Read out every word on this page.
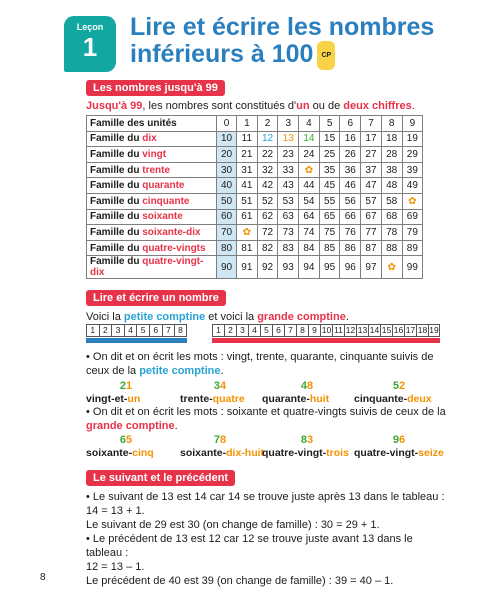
Leçon
1
Lire et écrire les nombres
inférieurs à 100 CP
Les nombres jusqu'à 99
Jusqu'à 99, les nombres sont constitués d'un ou de deux chiffres.
Famille des unités	0	1	2	3	4	5	6	7	8	9
Famille du dix	10	11	12	13	14	15	16	17	18	19
Famille du vingt	20	21	22	23	24	25	26	27	28	29
Famille du trente	30	31	32	33	✿	35	36	37	38	39
Famille du quarante	40	41	42	43	44	45	46	47	48	49
Famille du cinquante	50	51	52	53	54	55	56	57	58	✿
Famille du soixante	60	61	62	63	64	65	66	67	68	69
Famille du soixante-dix	70	✿	72	73	74	75	76	77	78	79
Famille du quatre-vingts	80	81	82	83	84	85	86	87	88	89
Famille du quatre-vingt-dix	90	91	92	93	94	95	96	97	✿	99
Lire et écrire un nombre
Voici la petite comptine et voici la grande comptine.
1 2 3 4 5 6 7 8	1 2 3 4 5 6 7 8 9 10 11 12 13 14 15 16 17 18 19
• On dit et on écrit les mots : vingt, trente, quarante, cinquante suivis de
ceux de la petite comptine.
21
vingt-et-un
34
trente-quatre
48
quarante-huit
52
cinquante-deux
• On dit et on écrit les mots : soixante et quatre-vingts suivis de ceux de la
grande comptine.
65
soixante-cinq
78
soixante-dix-huit
83
quatre-vingt-trois
96
quatre-vingt-seize
Le suivant et le précédent
• Le suivant de 13 est 14 car 14 se trouve juste après 13 dans le tableau :
14 = 13 + 1.
Le suivant de 29 est 30 (on change de famille) : 30 = 29 + 1.
• Le précédent de 13 est 12 car 12 se trouve juste avant 13 dans le tableau :
12 = 13 – 1.
Le précédent de 40 est 39 (on change de famille) : 39 = 40 – 1.
8
